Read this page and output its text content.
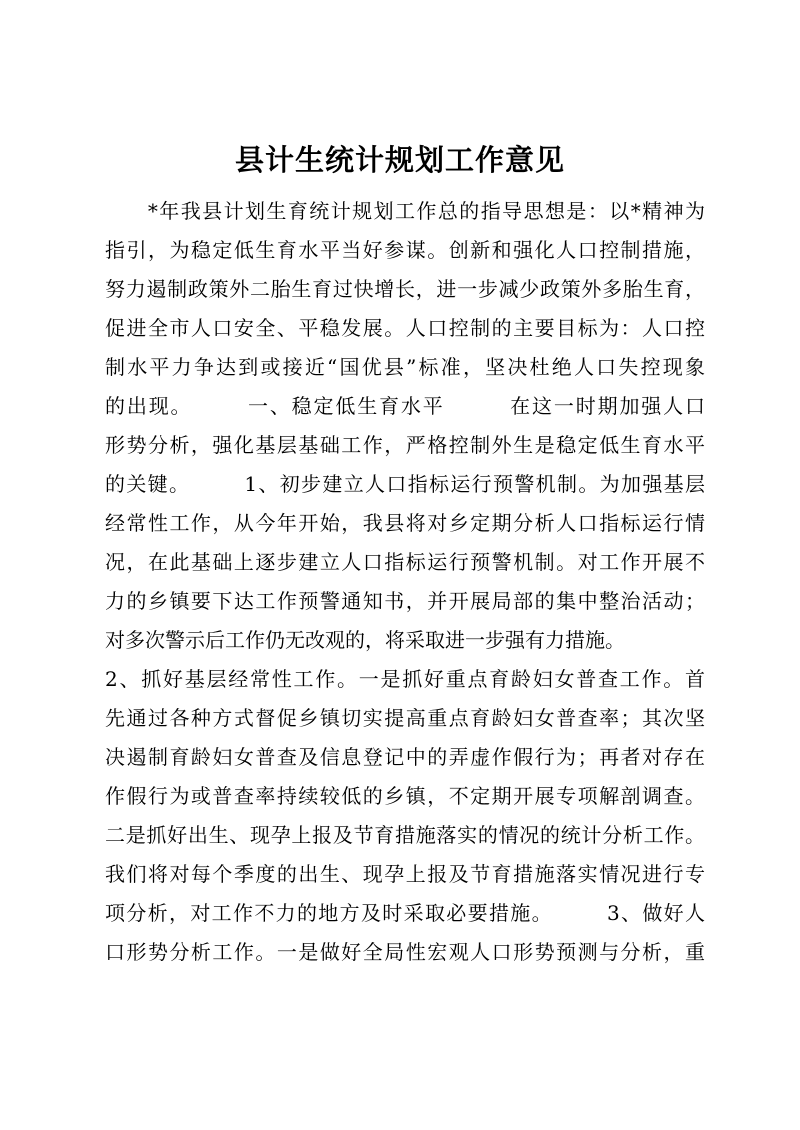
县计生统计规划工作意见
　　*年我县计划生育统计规划工作总的指导思想是：以*精神为
指引，为稳定低生育水平当好参谋。创新和强化人口控制措施，
努力遏制政策外二胎生育过快增长，进一步减少政策外多胎生育，
促进全市人口安全、平稳发展。人口控制的主要目标为：人口控
制水平力争达到或接近“国优县”标准，坚决杜绝人口失控现象
的出现。　　　一、稳定低生育水平　　　在这一时期加强人口
形势分析，强化基层基础工作，严格控制外生是稳定低生育水平
的关键。　　　1、初步建立人口指标运行预警机制。为加强基层
经常性工作，从今年开始，我县将对乡定期分析人口指标运行情
况，在此基础上逐步建立人口指标运行预警机制。对工作开展不
力的乡镇要下达工作预警通知书，并开展局部的集中整治活动；
对多次警示后工作仍无改观的，将采取进一步强有力措施。
2、抓好基层经常性工作。一是抓好重点育龄妇女普查工作。首
先通过各种方式督促乡镇切实提高重点育龄妇女普查率；其次坚
决遏制育龄妇女普查及信息登记中的弄虚作假行为；再者对存在
作假行为或普查率持续较低的乡镇，不定期开展专项解剖调查。
二是抓好出生、现孕上报及节育措施落实的情况的统计分析工作。
我们将对每个季度的出生、现孕上报及节育措施落实情况进行专
项分析，对工作不力的地方及时采取必要措施。　　　3、做好人
口形势分析工作。一是做好全局性宏观人口形势预测与分析，重
